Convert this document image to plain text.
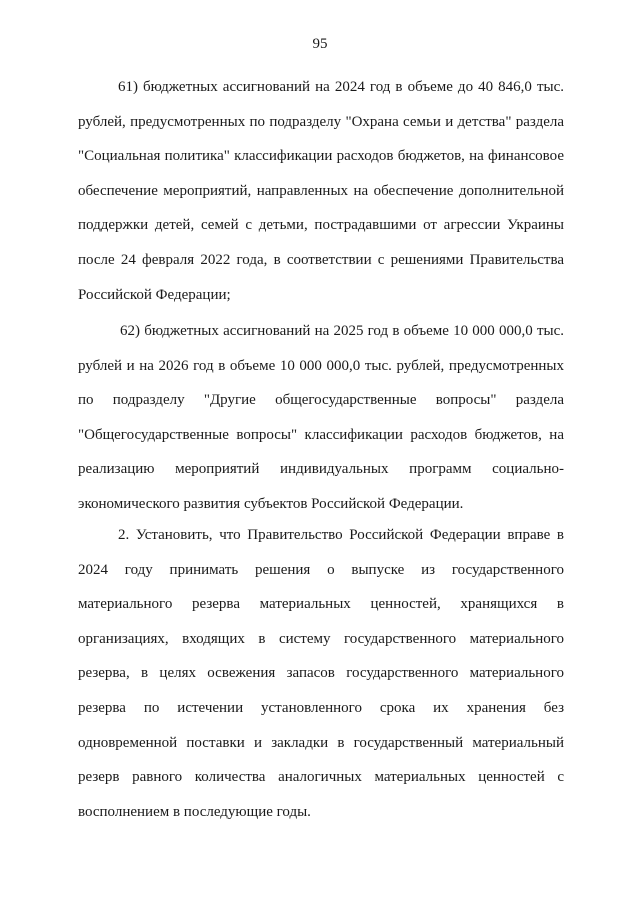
95

61) бюджетных ассигнований на 2024 год в объеме до 40 846,0 тыс. рублей, предусмотренных по подразделу "Охрана семьи и детства" раздела "Социальная политика" классификации расходов бюджетов, на финансовое обеспечение мероприятий, направленных на обеспечение дополнительной поддержки детей, семей с детьми, пострадавшими от агрессии Украины после 24 февраля 2022 года, в соответствии с решениями Правительства Российской Федерации;

62) бюджетных ассигнований на 2025 год в объеме 10 000 000,0 тыс. рублей и на 2026 год в объеме 10 000 000,0 тыс. рублей, предусмотренных по подразделу "Другие общегосударственные вопросы" раздела "Общегосударственные вопросы" классификации расходов бюджетов, на реализацию мероприятий индивидуальных программ социально-экономического развития субъектов Российской Федерации.

2. Установить, что Правительство Российской Федерации вправе в 2024 году принимать решения о выпуске из государственного материального резерва материальных ценностей, хранящихся в организациях, входящих в систему государственного материального резерва, в целях освежения запасов государственного материального резерва по истечении установленного срока их хранения без одновременной поставки и закладки в государственный материальный резерв равного количества аналогичных материальных ценностей с восполнением в последующие годы.
